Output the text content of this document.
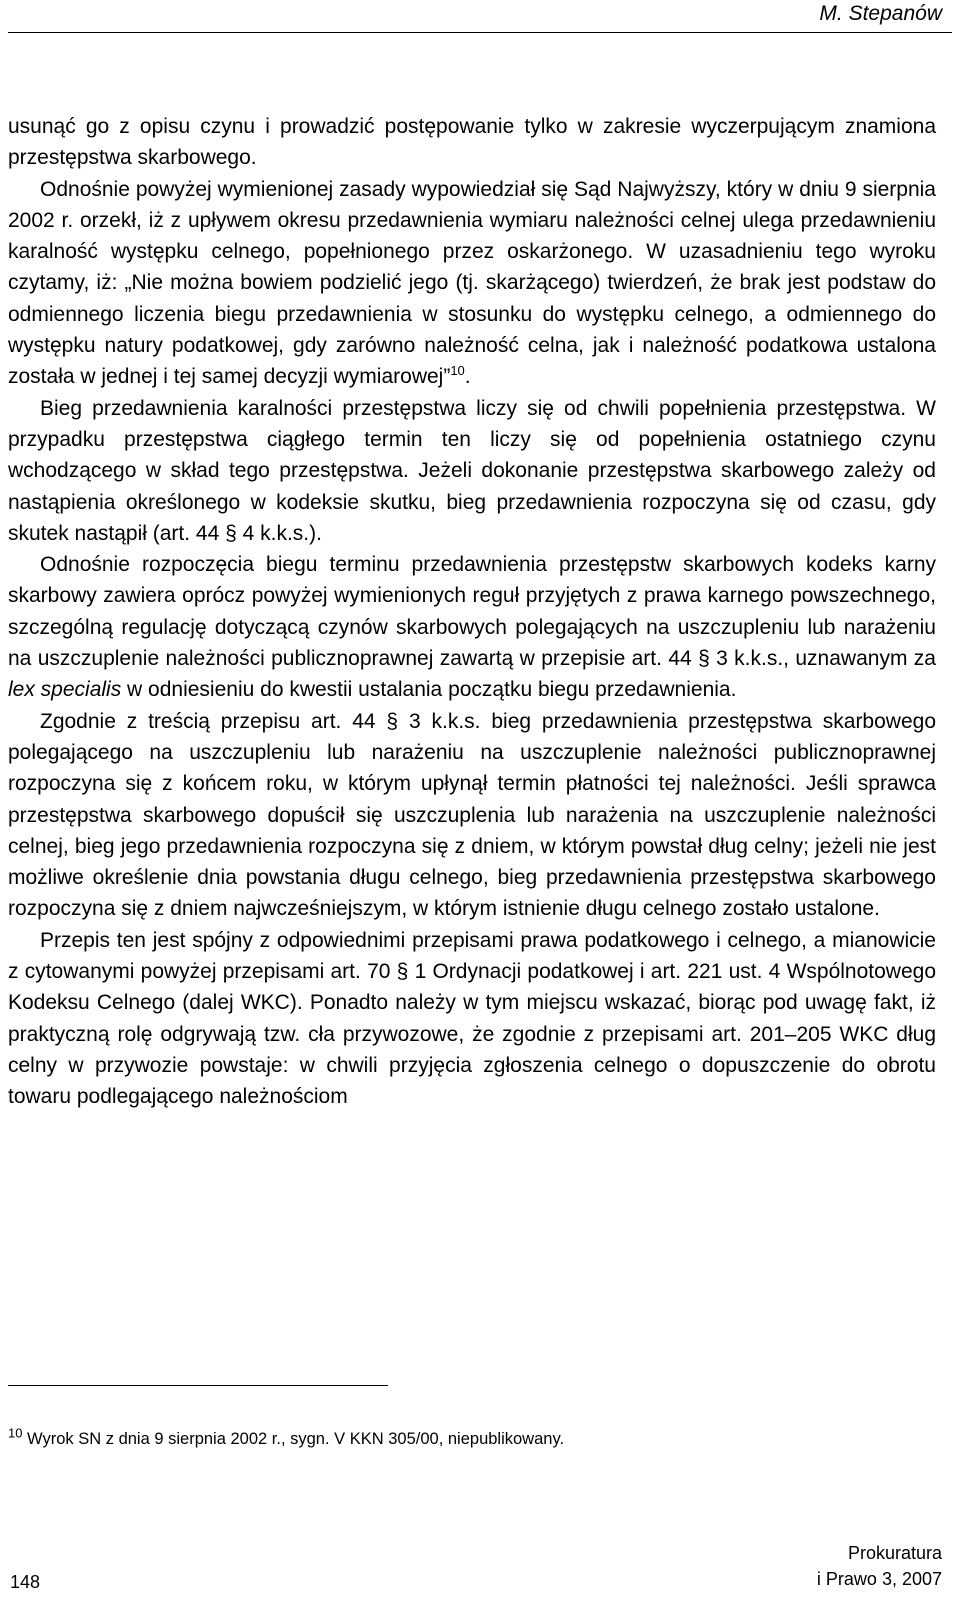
M. Stepanów

usunąć go z opisu czynu i prowadzić postępowanie tylko w zakresie wyczerpującym znamiona przestępstwa skarbowego.

Odnośnie powyżej wymienionej zasady wypowiedział się Sąd Najwyższy, który w dniu 9 sierpnia 2002 r. orzekł, iż z upływem okresu przedawnienia wymiaru należności celnej ulega przedawnieniu karalność występku celnego, popełnionego przez oskarżonego. W uzasadnieniu tego wyroku czytamy, iż: „Nie można bowiem podzielić jego (tj. skarżącego) twierdzeń, że brak jest podstaw do odmiennego liczenia biegu przedawnienia w stosunku do występku celnego, a odmiennego do występku natury podatkowej, gdy zarówno należność celna, jak i należność podatkowa ustalona została w jednej i tej samej decyzji wymiarowej”$^{10}$.

Bieg przedawnienia karalności przestępstwa liczy się od chwili popełnienia przestępstwa. W przypadku przestępstwa ciągłego termin ten liczy się od popełnienia ostatniego czynu wchodzącego w skład tego przestępstwa. Jeżeli dokonanie przestępstwa skarbowego zależy od nastąpienia określonego w kodeksie skutku, bieg przedawnienia rozpoczyna się od czasu, gdy skutek nastąpił (art. 44 § 4 k.k.s.).

Odnośnie rozpoczęcia biegu terminu przedawnienia przestępstw skarbowych kodeks karny skarbowy zawiera oprócz powyżej wymienionych reguł przyjętych z prawa karnego powszechnego, szczególną regulację dotyczącą czynów skarbowych polegających na uszczupleniu lub narażeniu na uszczuplenie należności publicznoprawnej zawartą w przepisie art. 44 § 3 k.k.s., uznawanym za lex specialis w odniesieniu do kwestii ustalania początku biegu przedawnienia.

Zgodnie z treścią przepisu art. 44 § 3 k.k.s. bieg przedawnienia przestępstwa skarbowego polegającego na uszczupleniu lub narażeniu na uszczuplenie należności publicznoprawnej rozpoczyna się z końcem roku, w którym upłynął termin płatności tej należności. Jeśli sprawca przestępstwa skarbowego dopuścił się uszczuplenia lub narażenia na uszczuplenie należności celnej, bieg jego przedawnienia rozpoczyna się z dniem, w którym powstał dług celny; jeżeli nie jest możliwe określenie dnia powstania długu celnego, bieg przedawnienia przestępstwa skarbowego rozpoczyna się z dniem najwcześniejszym, w którym istnienie długu celnego zostało ustalone.

Przepis ten jest spójny z odpowiednimi przepisami prawa podatkowego i celnego, a mianowicie z cytowanymi powyżej przepisami art. 70 § 1 Ordynacji podatkowej i art. 221 ust. 4 Wspólnotowego Kodeksu Celnego (dalej WKC). Ponadto należy w tym miejscu wskazać, biorąc pod uwagę fakt, iż praktyczną rolę odgrywają tzw. cła przywozowe, że zgodnie z przepisami art. 201–205 WKC dług celny w przywozie powstaje: w chwili przyjęcia zgłoszenia celnego o dopuszczenie do obrotu towaru podlegającego należnościom

$^{10}$ Wyrok SN z dnia 9 sierpnia 2002 r., sygn. V KKN 305/00, niepublikowany.
148
Prokuratura
i Prawo 3, 2007
